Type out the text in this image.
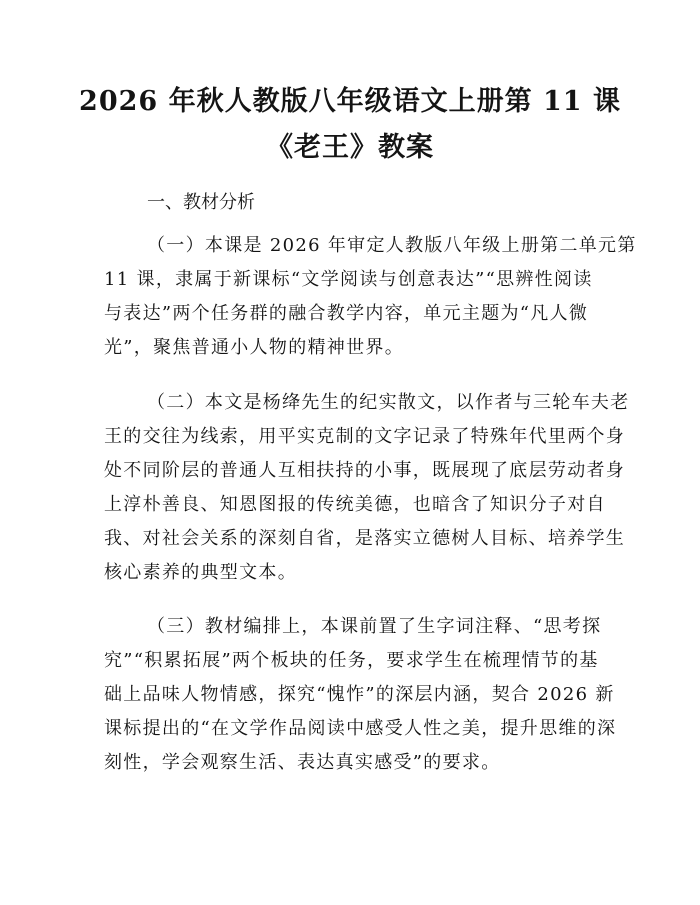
2026 年秋人教版八年级语文上册第 11 课
《老王》教案
一、教材分析
（一）本课是 2026 年审定人教版八年级上册第二单元第
11 课，隶属于新课标“文学阅读与创意表达”“思辨性阅读
与表达”两个任务群的融合教学内容，单元主题为“凡人微
光”，聚焦普通小人物的精神世界。
（二）本文是杨绛先生的纪实散文，以作者与三轮车夫老
王的交往为线索，用平实克制的文字记录了特殊年代里两个身
处不同阶层的普通人互相扶持的小事，既展现了底层劳动者身
上淳朴善良、知恩图报的传统美德，也暗含了知识分子对自
我、对社会关系的深刻自省，是落实立德树人目标、培养学生
核心素养的典型文本。
（三）教材编排上，本课前置了生字词注释、“思考探
究”“积累拓展”两个板块的任务，要求学生在梳理情节的基
础上品味人物情感，探究“愧怍”的深层内涵，契合 2026 新
课标提出的“在文学作品阅读中感受人性之美，提升思维的深
刻性，学会观察生活、表达真实感受”的要求。
